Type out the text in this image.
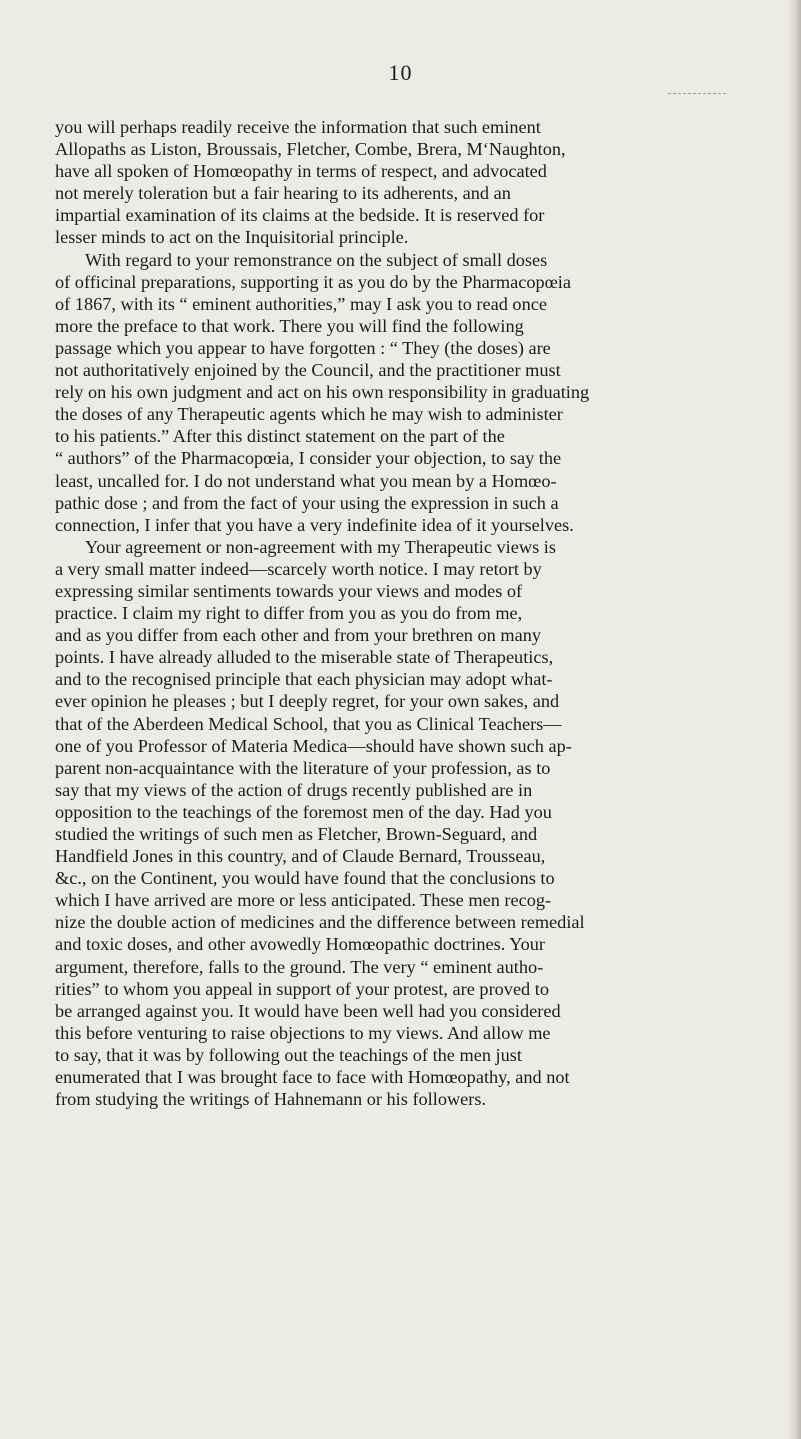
10
you will perhaps readily receive the information that such eminent
Allopaths as Liston, Broussais, Fletcher, Combe, Brera, M‘Naughton,
have all spoken of Homœopathy in terms of respect, and advocated
not merely toleration but a fair hearing to its adherents, and an
impartial examination of its claims at the bedside. It is reserved for
lesser minds to act on the Inquisitorial principle.
With regard to your remonstrance on the subject of small doses
of officinal preparations, supporting it as you do by the Pharmacopœia
of 1867, with its “ eminent authorities,” may I ask you to read once
more the preface to that work. There you will find the following
passage which you appear to have forgotten : “ They (the doses) are
not authoritatively enjoined by the Council, and the practitioner must
rely on his own judgment and act on his own responsibility in graduating
the doses of any Therapeutic agents which he may wish to administer
to his patients.” After this distinct statement on the part of the
“ authors” of the Pharmacopœia, I consider your objection, to say the
least, uncalled for. I do not understand what you mean by a Homœo-
pathic dose ; and from the fact of your using the expression in such a
connection, I infer that you have a very indefinite idea of it yourselves.
Your agreement or non-agreement with my Therapeutic views is
a very small matter indeed—scarcely worth notice. I may retort by
expressing similar sentiments towards your views and modes of
practice. I claim my right to differ from you as you do from me,
and as you differ from each other and from your brethren on many
points. I have already alluded to the miserable state of Therapeutics,
and to the recognised principle that each physician may adopt what-
ever opinion he pleases ; but I deeply regret, for your own sakes, and
that of the Aberdeen Medical School, that you as Clinical Teachers—
one of you Professor of Materia Medica—should have shown such ap-
parent non-acquaintance with the literature of your profession, as to
say that my views of the action of drugs recently published are in
opposition to the teachings of the foremost men of the day. Had you
studied the writings of such men as Fletcher, Brown-Seguard, and
Handfield Jones in this country, and of Claude Bernard, Trousseau,
&c., on the Continent, you would have found that the conclusions to
which I have arrived are more or less anticipated. These men recog-
nize the double action of medicines and the difference between remedial
and toxic doses, and other avowedly Homœopathic doctrines. Your
argument, therefore, falls to the ground. The very “ eminent autho-
rities” to whom you appeal in support of your protest, are proved to
be arranged against you. It would have been well had you considered
this before venturing to raise objections to my views. And allow me
to say, that it was by following out the teachings of the men just
enumerated that I was brought face to face with Homœopathy, and not
from studying the writings of Hahnemann or his followers.
